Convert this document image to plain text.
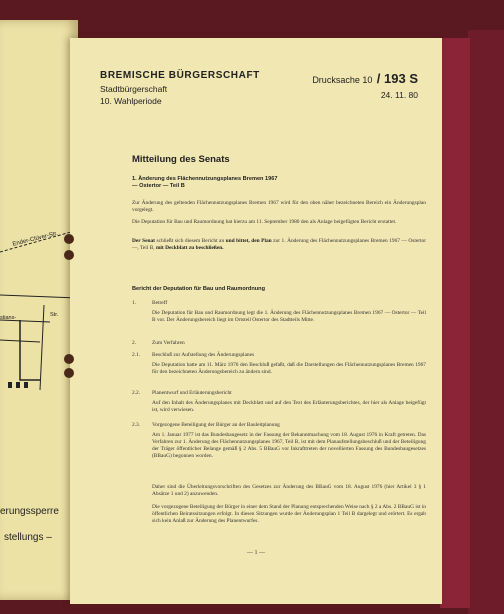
Ender-Clüver-Str.
stians-	Str.
erungssperre
stellungs –
BREMISCHE BÜRGERSCHAFT
Stadtbürgerschaft
10. Wahlperiode
Drucksache 10 / 193 S
24. 11. 80
Mitteilung des Senats
1. Änderung des Flächennutzungsplanes Bremen 1967
— Ostertor — Teil B
Zur Änderung des geltenden Flächennutzungsplanes Bremen 1967 wird für den oben näher bezeichneten Bereich ein Änderungsplan vorgelegt.
Die Deputation für Bau und Raumordnung hat hierzu am 11. September 1980 den als Anlage beigefügten Bericht erstattet.
Der Senat schließt sich diesem Bericht an und bittet, den Plan zur 1. Änderung des Flächennutzungsplanes Bremen 1967 — Ostertor —, Teil B, mit Deckblatt zu beschließen.
Bericht der Deputation für Bau und Raumordnung
1.	Betreff
Die Deputation für Bau und Raumordnung legt die 1. Änderung des Flächennutzungsplanes Bremen 1967 — Ostertor — Teil B vor. Der Änderungsbereich liegt im Ortsteil Ostertor des Stadtteils Mitte.
2.	Zum Verfahren
2.1. Beschluß zur Aufstellung des Änderungsplanes
Die Deputation hatte am 11. März 1976 den Beschluß gefaßt, daß die Darstellungen des Flächennutzungsplanes Bremen 1967 für den bezeichneten Änderungsbereich zu ändern sind.
2.2. Planentwurf und Erläuterungsbericht
Auf den Inhalt des Änderungsplanes mit Deckblatt und auf den Text des Erläuterungsberichtes, der hier als Anlage beigefügt ist, wird verwiesen.
2.3. Vorgezogene Beteiligung der Bürger an der Bauleitplanung
Am 1. Januar 1977 ist das Bundesbaugesetz in der Fassung der Bekanntmachung vom 18. August 1976 in Kraft getreten. Das Verfahren zur 1. Änderung des Flächennutzungsplanes 1967, Teil B, ist mit dem Planaufstellungsbeschluß und der Beteiligung der Träger öffentlicher Belange gemäß § 2 Abs. 5 BBauG vor Inkrafttreten der novellierten Fassung des Bundesbaugesetzes (BBauG) begonnen worden.
Daher sind die Überleitungsvorschriften des Gesetzes zur Änderung des BBauG vom 18. August 1976 (hier Artikel 3 § 1 Absätze 1 und 2) anzuwenden.
Die vorgezogene Beteiligung der Bürger in einer dem Stand der Planung entsprechenden Weise nach § 2 a Abs. 2 BBauG ist in öffentlichen Beiratssitzungen erfolgt. In diesen Sitzungen wurde der Änderungsplan 1 Teil B dargelegt und erörtert. Es ergab sich kein Anlaß zur Änderung des Planentwurfes.
— 1 —
